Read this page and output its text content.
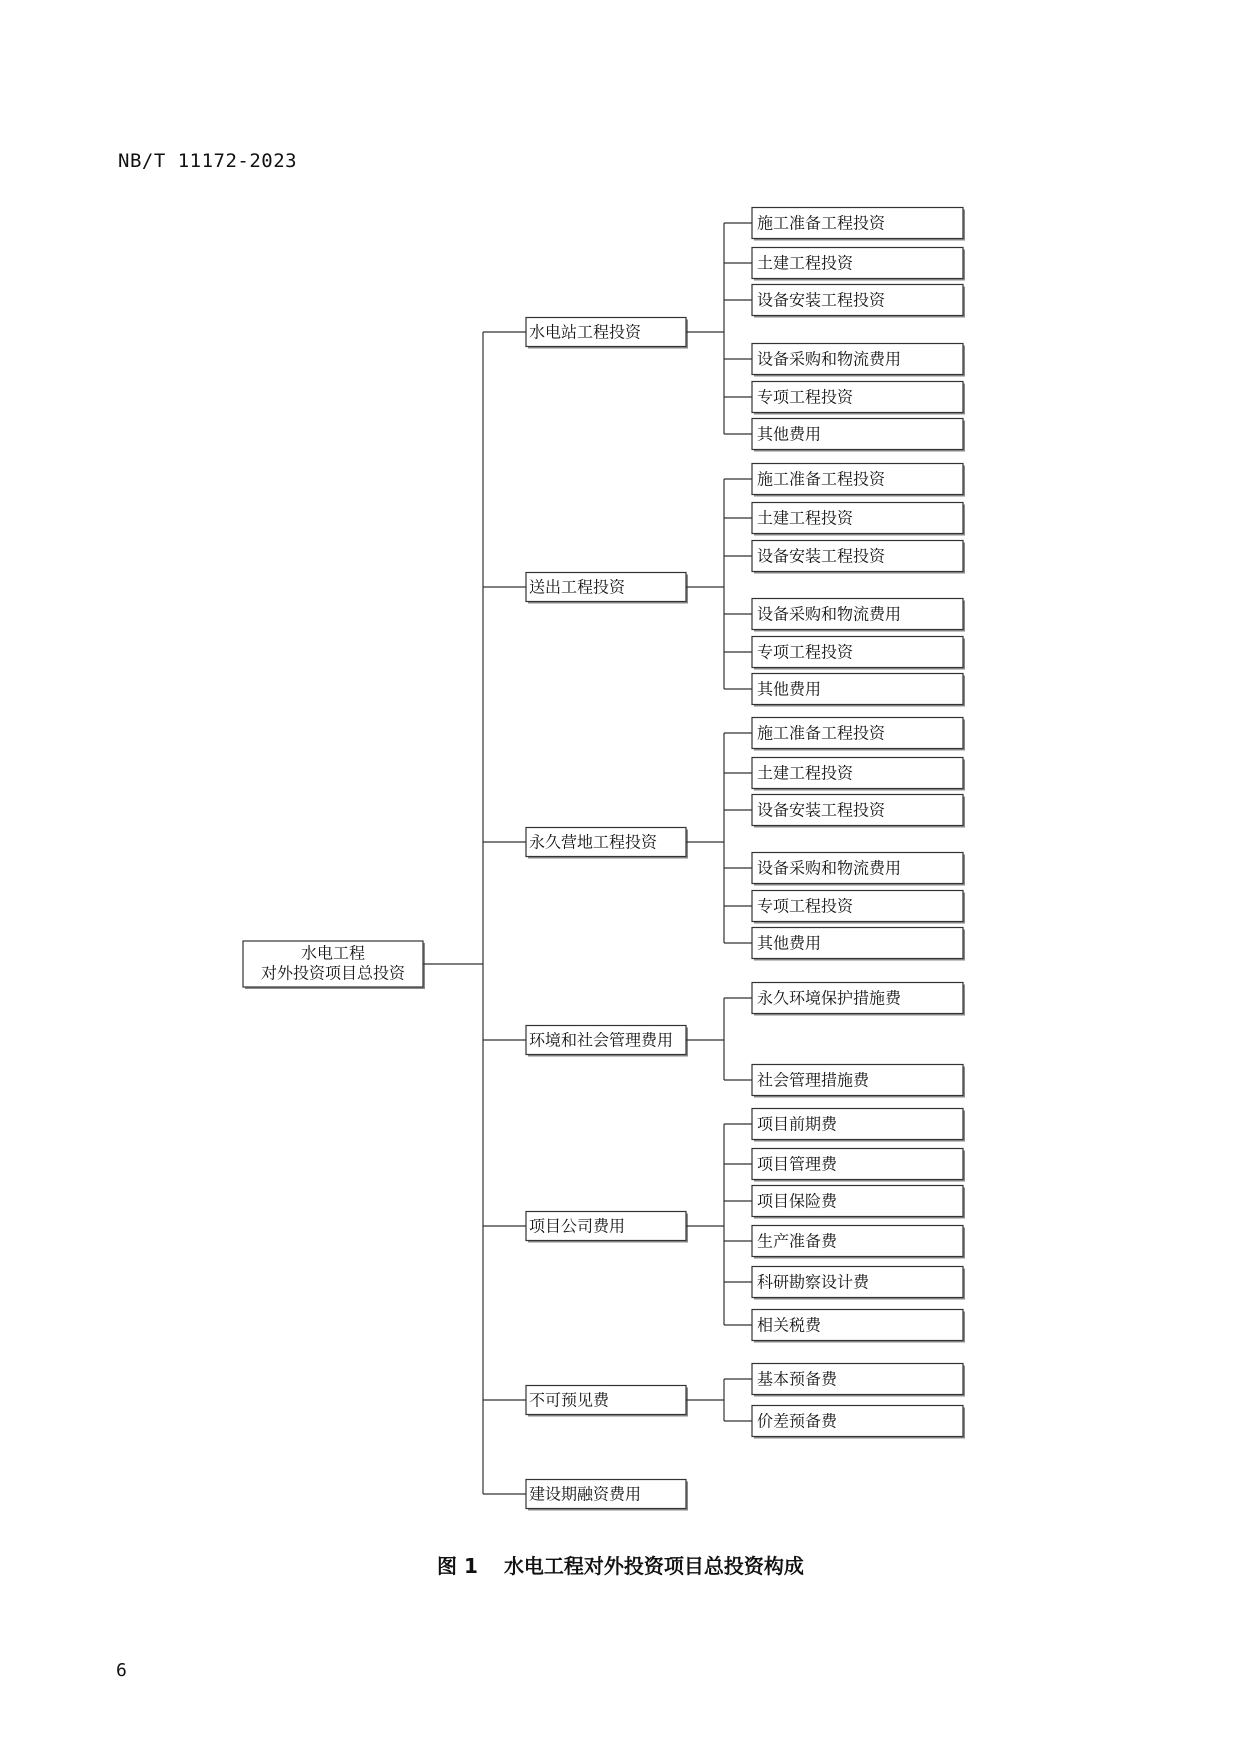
NB/T 11172-2023
水电工程
对外投资项目总投资
水电站工程投资
施工准备工程投资
土建工程投资
设备安装工程投资
设备采购和物流费用
专项工程投资
其他费用
送出工程投资
施工准备工程投资
土建工程投资
设备安装工程投资
设备采购和物流费用
专项工程投资
其他费用
永久营地工程投资
施工准备工程投资
土建工程投资
设备安装工程投资
设备采购和物流费用
专项工程投资
其他费用
环境和社会管理费用
永久环境保护措施费
社会管理措施费
项目公司费用
项目前期费
项目管理费
项目保险费
生产准备费
科研勘察设计费
相关税费
不可预见费
基本预备费
价差预备费
建设期融资费用
图 1 水电工程对外投资项目总投资构成
6
